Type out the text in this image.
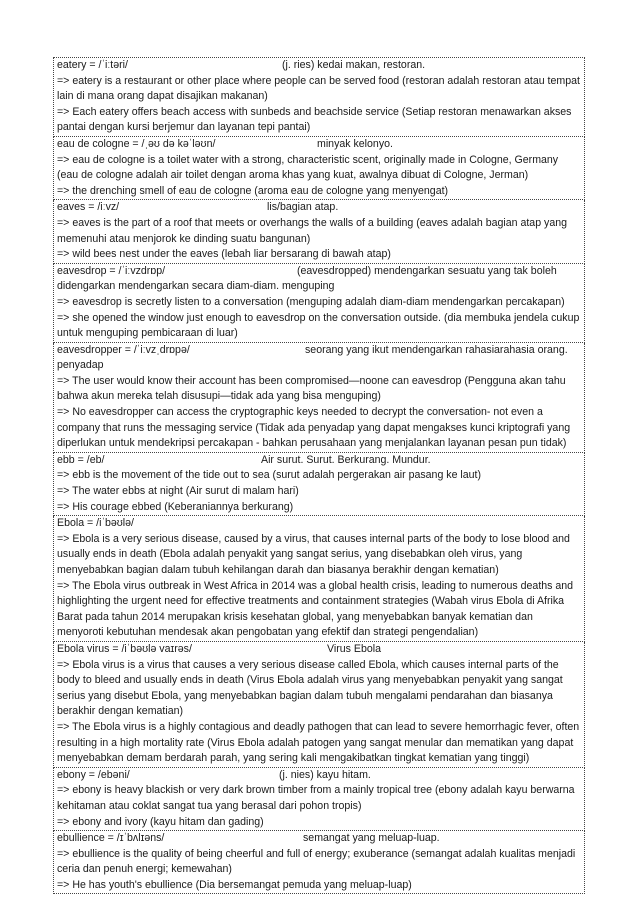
eatery = /ˈiːtəri/	(j. ries) kedai makan, restoran.
=> eatery is a restaurant or other place where people can be served food (restoran adalah restoran atau tempat lain di mana orang dapat disajikan makanan)
=> Each eatery offers beach access with sunbeds and beachside service (Setiap restoran menawarkan akses pantai dengan kursi berjemur dan layanan tepi pantai)
eau de cologne = /ˌəʊ də kəˈləʊn/	minyak kelonyo.
=> eau de cologne is a toilet water with a strong, characteristic scent, originally made in Cologne, Germany (eau de cologne adalah air toilet dengan aroma khas yang kuat, awalnya dibuat di Cologne, Jerman)
=> the drenching smell of eau de cologne (aroma eau de cologne yang menyengat)
eaves = /iːvz/	lis/bagian atap.
=> eaves is the part of a roof that meets or overhangs the walls of a building (eaves adalah bagian atap yang memenuhi atau menjorok ke dinding suatu bangunan)
=> wild bees nest under the eaves (lebah liar bersarang di bawah atap)
eavesdrop = /ˈiːvzdrɒp/	(eavesdropped) mendengarkan sesuatu yang tak boleh
didengarkan mendengarkan secara diam-diam. menguping
=> eavesdrop is secretly listen to a conversation (menguping adalah diam-diam mendengarkan percakapan)
=> she opened the window just enough to eavesdrop on the conversation outside. (dia membuka jendela cukup untuk menguping pembicaraan di luar)
eavesdropper = /ˈiːvzˌdrɒpə/	seorang yang ikut mendengarkan rahasiarahasia orang.
penyadap
=> The user would know their account has been compromised—noone can eavesdrop (Pengguna akan tahu bahwa akun mereka telah disusupi—tidak ada yang bisa menguping)
=> No eavesdropper can access the cryptographic keys needed to decrypt the conversation- not even a company that runs the messaging service (Tidak ada penyadap yang dapat mengakses kunci kriptografi yang diperlukan untuk mendekripsi percakapan - bahkan perusahaan yang menjalankan layanan pesan pun tidak)
ebb = /eb/	Air surut. Surut. Berkurang. Mundur.
=> ebb is the movement of the tide out to sea (surut adalah pergerakan air pasang ke laut)
=> The water ebbs at night (Air surut di malam hari)
=> His courage ebbed (Keberaniannya berkurang)
Ebola = /iˈbəʊlə/
=> Ebola is a very serious disease, caused by a virus, that causes internal parts of the body to lose blood and usually ends in death (Ebola adalah penyakit yang sangat serius, yang disebabkan oleh virus, yang menyebabkan bagian dalam tubuh kehilangan darah dan biasanya berakhir dengan kematian)
=> The Ebola virus outbreak in West Africa in 2014 was a global health crisis, leading to numerous deaths and highlighting the urgent need for effective treatments and containment strategies (Wabah virus Ebola di Afrika Barat pada tahun 2014 merupakan krisis kesehatan global, yang menyebabkan banyak kematian dan menyoroti kebutuhan mendesak akan pengobatan yang efektif dan strategi pengendalian)
Ebola virus = /iˈbəʊlə vaɪrəs/	Virus Ebola
=> Ebola virus is a virus that causes a very serious disease called Ebola, which causes internal parts of the body to bleed and usually ends in death (Virus Ebola adalah virus yang menyebabkan penyakit yang sangat serius yang disebut Ebola, yang menyebabkan bagian dalam tubuh mengalami pendarahan dan biasanya berakhir dengan kematian)
=> The Ebola virus is a highly contagious and deadly pathogen that can lead to severe hemorrhagic fever, often resulting in a high mortality rate (Virus Ebola adalah patogen yang sangat menular dan mematikan yang dapat menyebabkan demam berdarah parah, yang sering kali mengakibatkan tingkat kematian yang tinggi)
ebony = /ebəni/	(j. nies) kayu hitam.
=> ebony is heavy blackish or very dark brown timber from a mainly tropical tree (ebony adalah kayu berwarna kehitaman atau coklat sangat tua yang berasal dari pohon tropis)
=> ebony and ivory (kayu hitam dan gading)
ebullience = /ɪˈbʌlɪəns/	semangat yang meluap-luap.
=> ebullience is the quality of being cheerful and full of energy; exuberance (semangat adalah kualitas menjadi ceria dan penuh energi; kemewahan)
=> He has youth's ebullience (Dia bersemangat pemuda yang meluap-luap)
